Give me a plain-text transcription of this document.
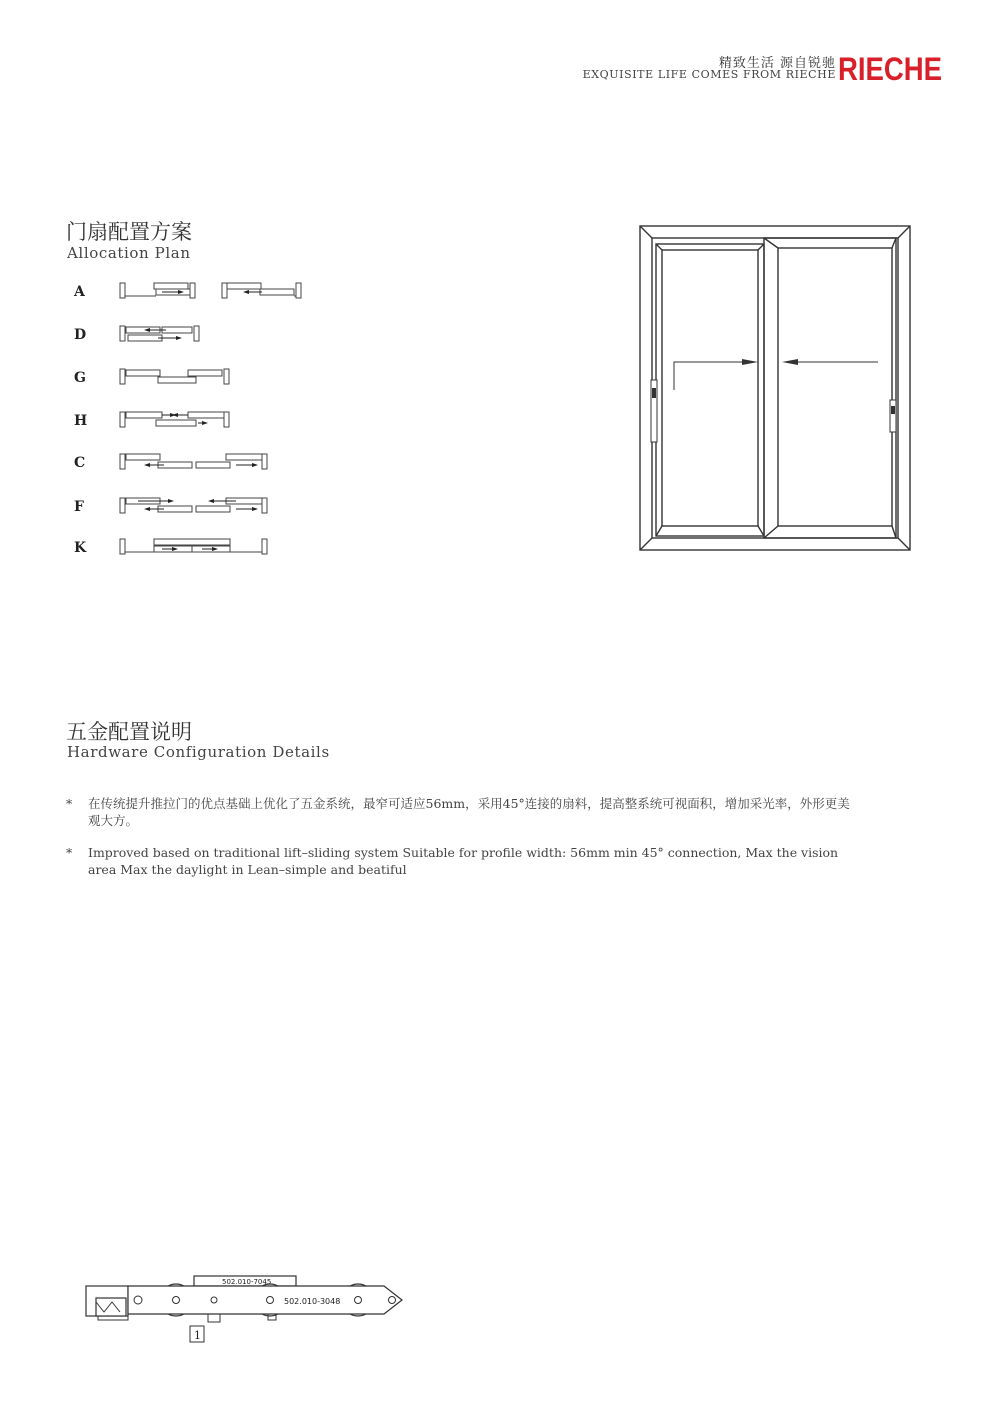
精致生活 源自锐驰
EXQUISITE LIFE COMES FROM RIECHE RIECHE
门扇配置方案
Allocation Plan
A
D
G
H
C
F
K
五金配置说明
Hardware Configuration Details
* 在传统提升推拉门的优点基础上优化了五金系统，最窄可适应56mm，采用45°连接的扇料，提高整系统可视面积，增加采光率，外形更美观大方。
* Improved based on traditional lift–sliding system Suitable for profile width: 56mm min 45° connection, Max the vision area Max the daylight in Lean–simple and beatiful
502.010-7045
502.010-3048
1
